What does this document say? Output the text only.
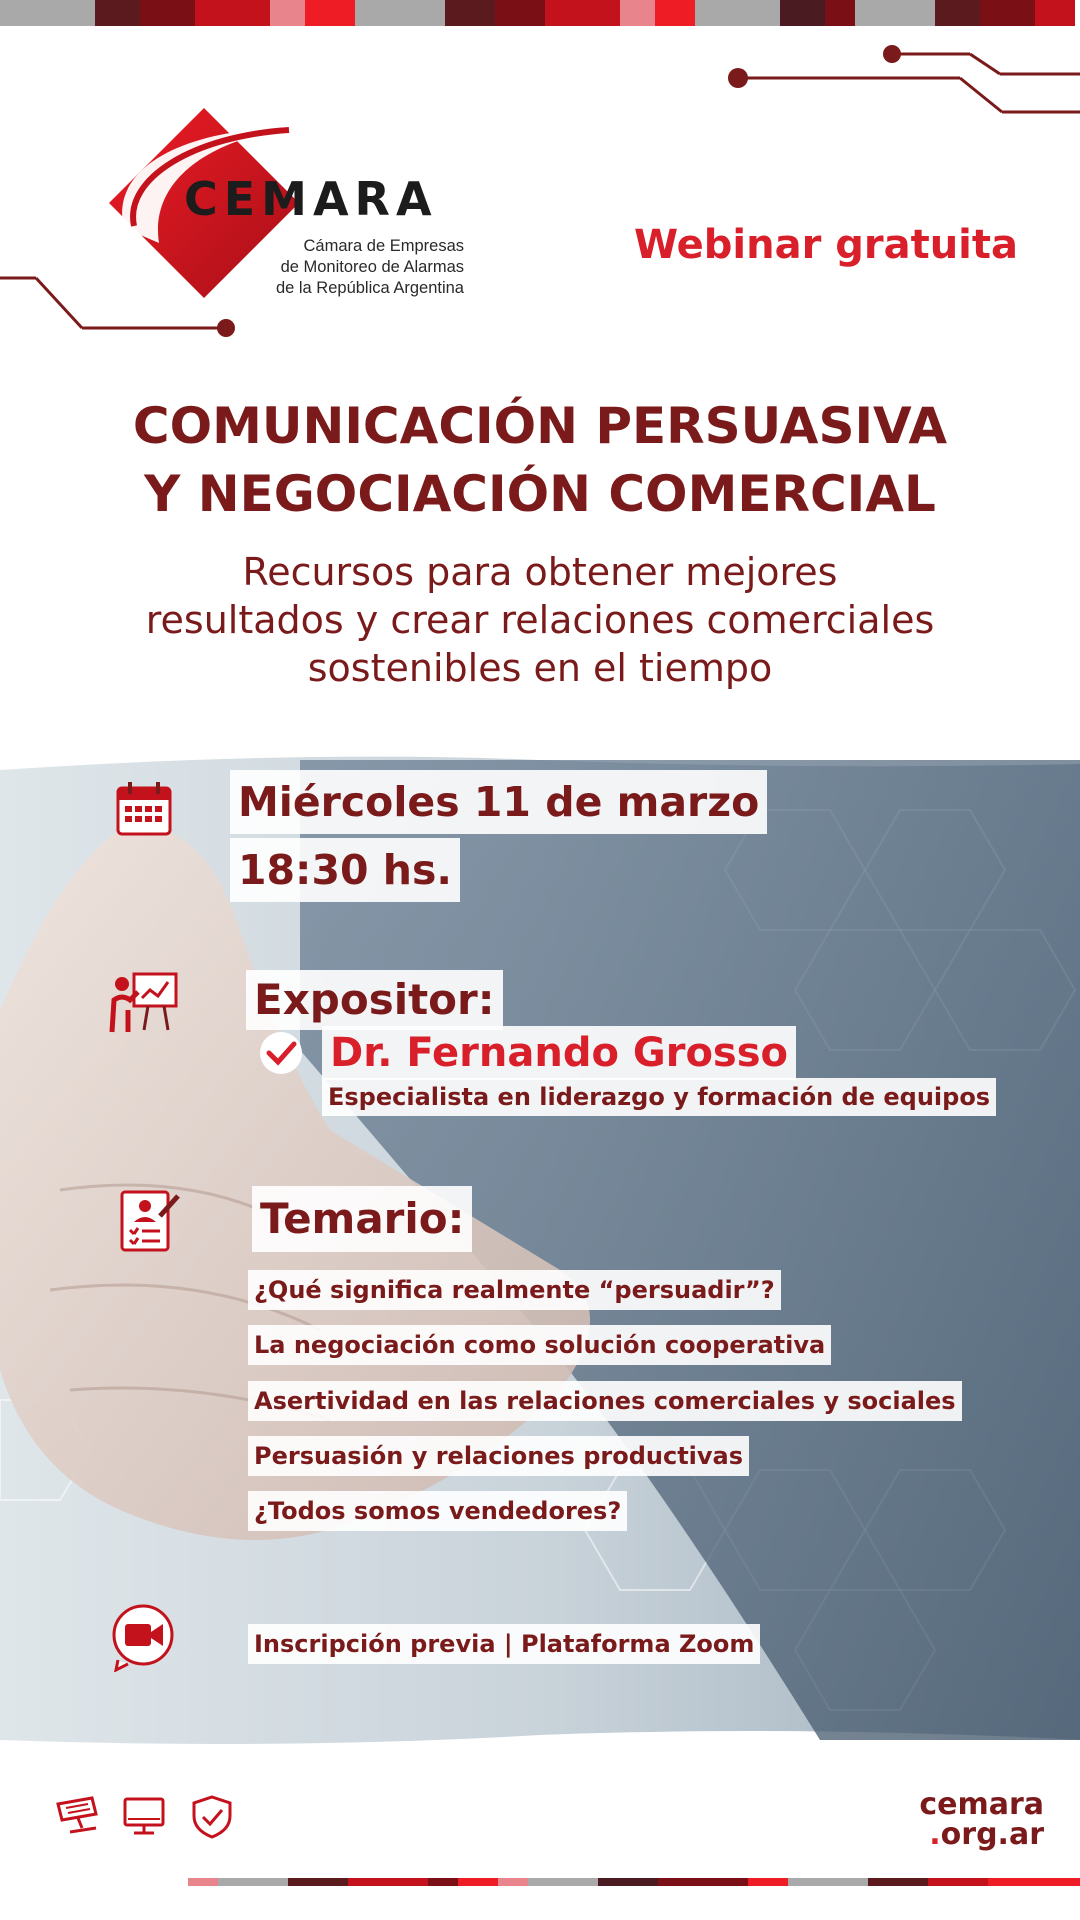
CEMARA
Cámara de Empresas
de Monitoreo de Alarmas
de la República Argentina
Webinar gratuita
COMUNICACIÓN PERSUASIVA
Y NEGOCIACIÓN COMERCIAL
Recursos para obtener mejores
resultados y crear relaciones comerciales
sostenibles en el tiempo
Miércoles 11 de marzo
18:30 hs.
Expositor:
Dr. Fernando Grosso
Especialista en liderazgo y formación de equipos
Temario:
¿Qué significa realmente “persuadir”?
La negociación como solución cooperativa
Asertividad en las relaciones comerciales y sociales
Persuasión y relaciones productivas
¿Todos somos vendedores?
Inscripción previa | Plataforma Zoom
cemara
.org.ar
